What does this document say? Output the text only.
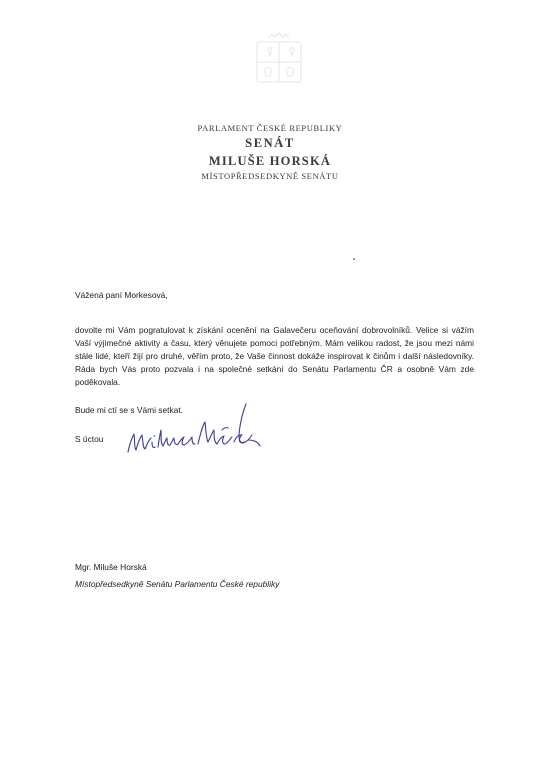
PARLAMENT ČESKÉ REPUBLIKY
SENÁT
MILUŠE HORSKÁ
MÍSTOPŘEDSEDKYNĚ SENÁTU
Vážená paní Morkesová,
dovolte mi Vám pogratulovat k získání ocenění na Galavečeru oceňování dobrovolníků. Velice si vážím Vaší výjimečné aktivity a času, který věnujete pomoci potřebným. Mám velikou radost, že jsou mezi námi stále lidé, kteří žijí pro druhé, věřím proto, že Vaše činnost dokáže inspirovat k činům i další následovníky. Ráda bych Vás proto pozvala i na společné setkání do Senátu Parlamentu ČR a osobně Vám zde poděkovala.
Bude mi ctí se s Vámi setkat.
S úctou
Mgr. Miluše Horská
Místopředsedkyně Senátu Parlamentu České republiky
